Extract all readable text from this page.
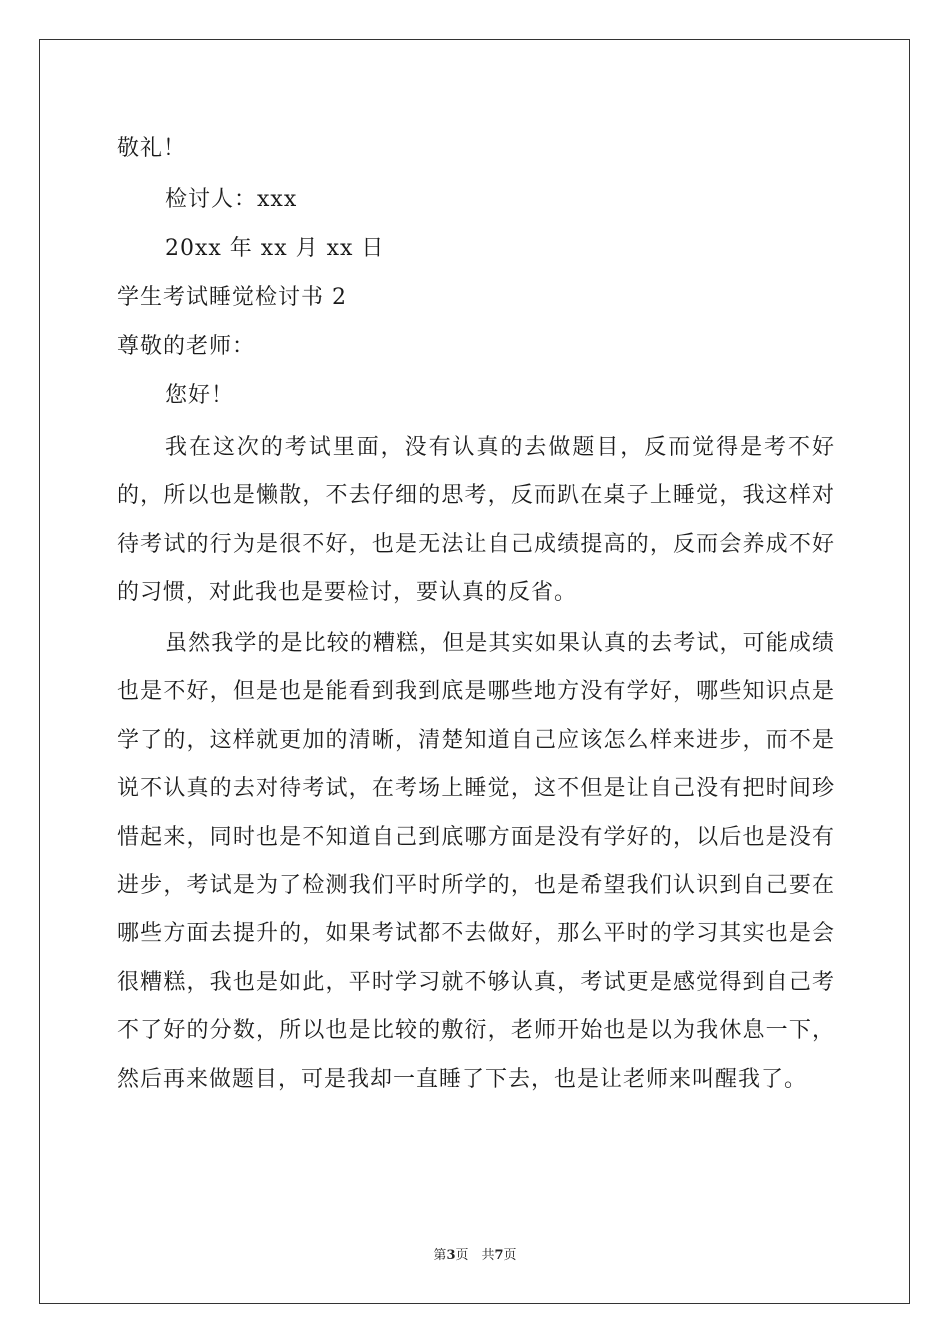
敬礼！
检讨人：xxx
20xx 年 xx 月 xx 日
学生考试睡觉检讨书 2
尊敬的老师：
您好！
我在这次的考试里面，没有认真的去做题目，反而觉得是考不好的，所以也是懒散，不去仔细的思考，反而趴在桌子上睡觉，我这样对待考试的行为是很不好，也是无法让自己成绩提高的，反而会养成不好的习惯，对此我也是要检讨，要认真的反省。
虽然我学的是比较的糟糕，但是其实如果认真的去考试，可能成绩也是不好，但是也是能看到我到底是哪些地方没有学好，哪些知识点是学了的，这样就更加的清晰，清楚知道自己应该怎么样来进步，而不是说不认真的去对待考试，在考场上睡觉，这不但是让自己没有把时间珍惜起来，同时也是不知道自己到底哪方面是没有学好的，以后也是没有进步，考试是为了检测我们平时所学的，也是希望我们认识到自己要在哪些方面去提升的，如果考试都不去做好，那么平时的学习其实也是会很糟糕，我也是如此，平时学习就不够认真，考试更是感觉得到自己考不了好的分数，所以也是比较的敷衍，老师开始也是以为我休息一下，然后再来做题目，可是我却一直睡了下去，也是让老师来叫醒我了。
第3页　共7页
